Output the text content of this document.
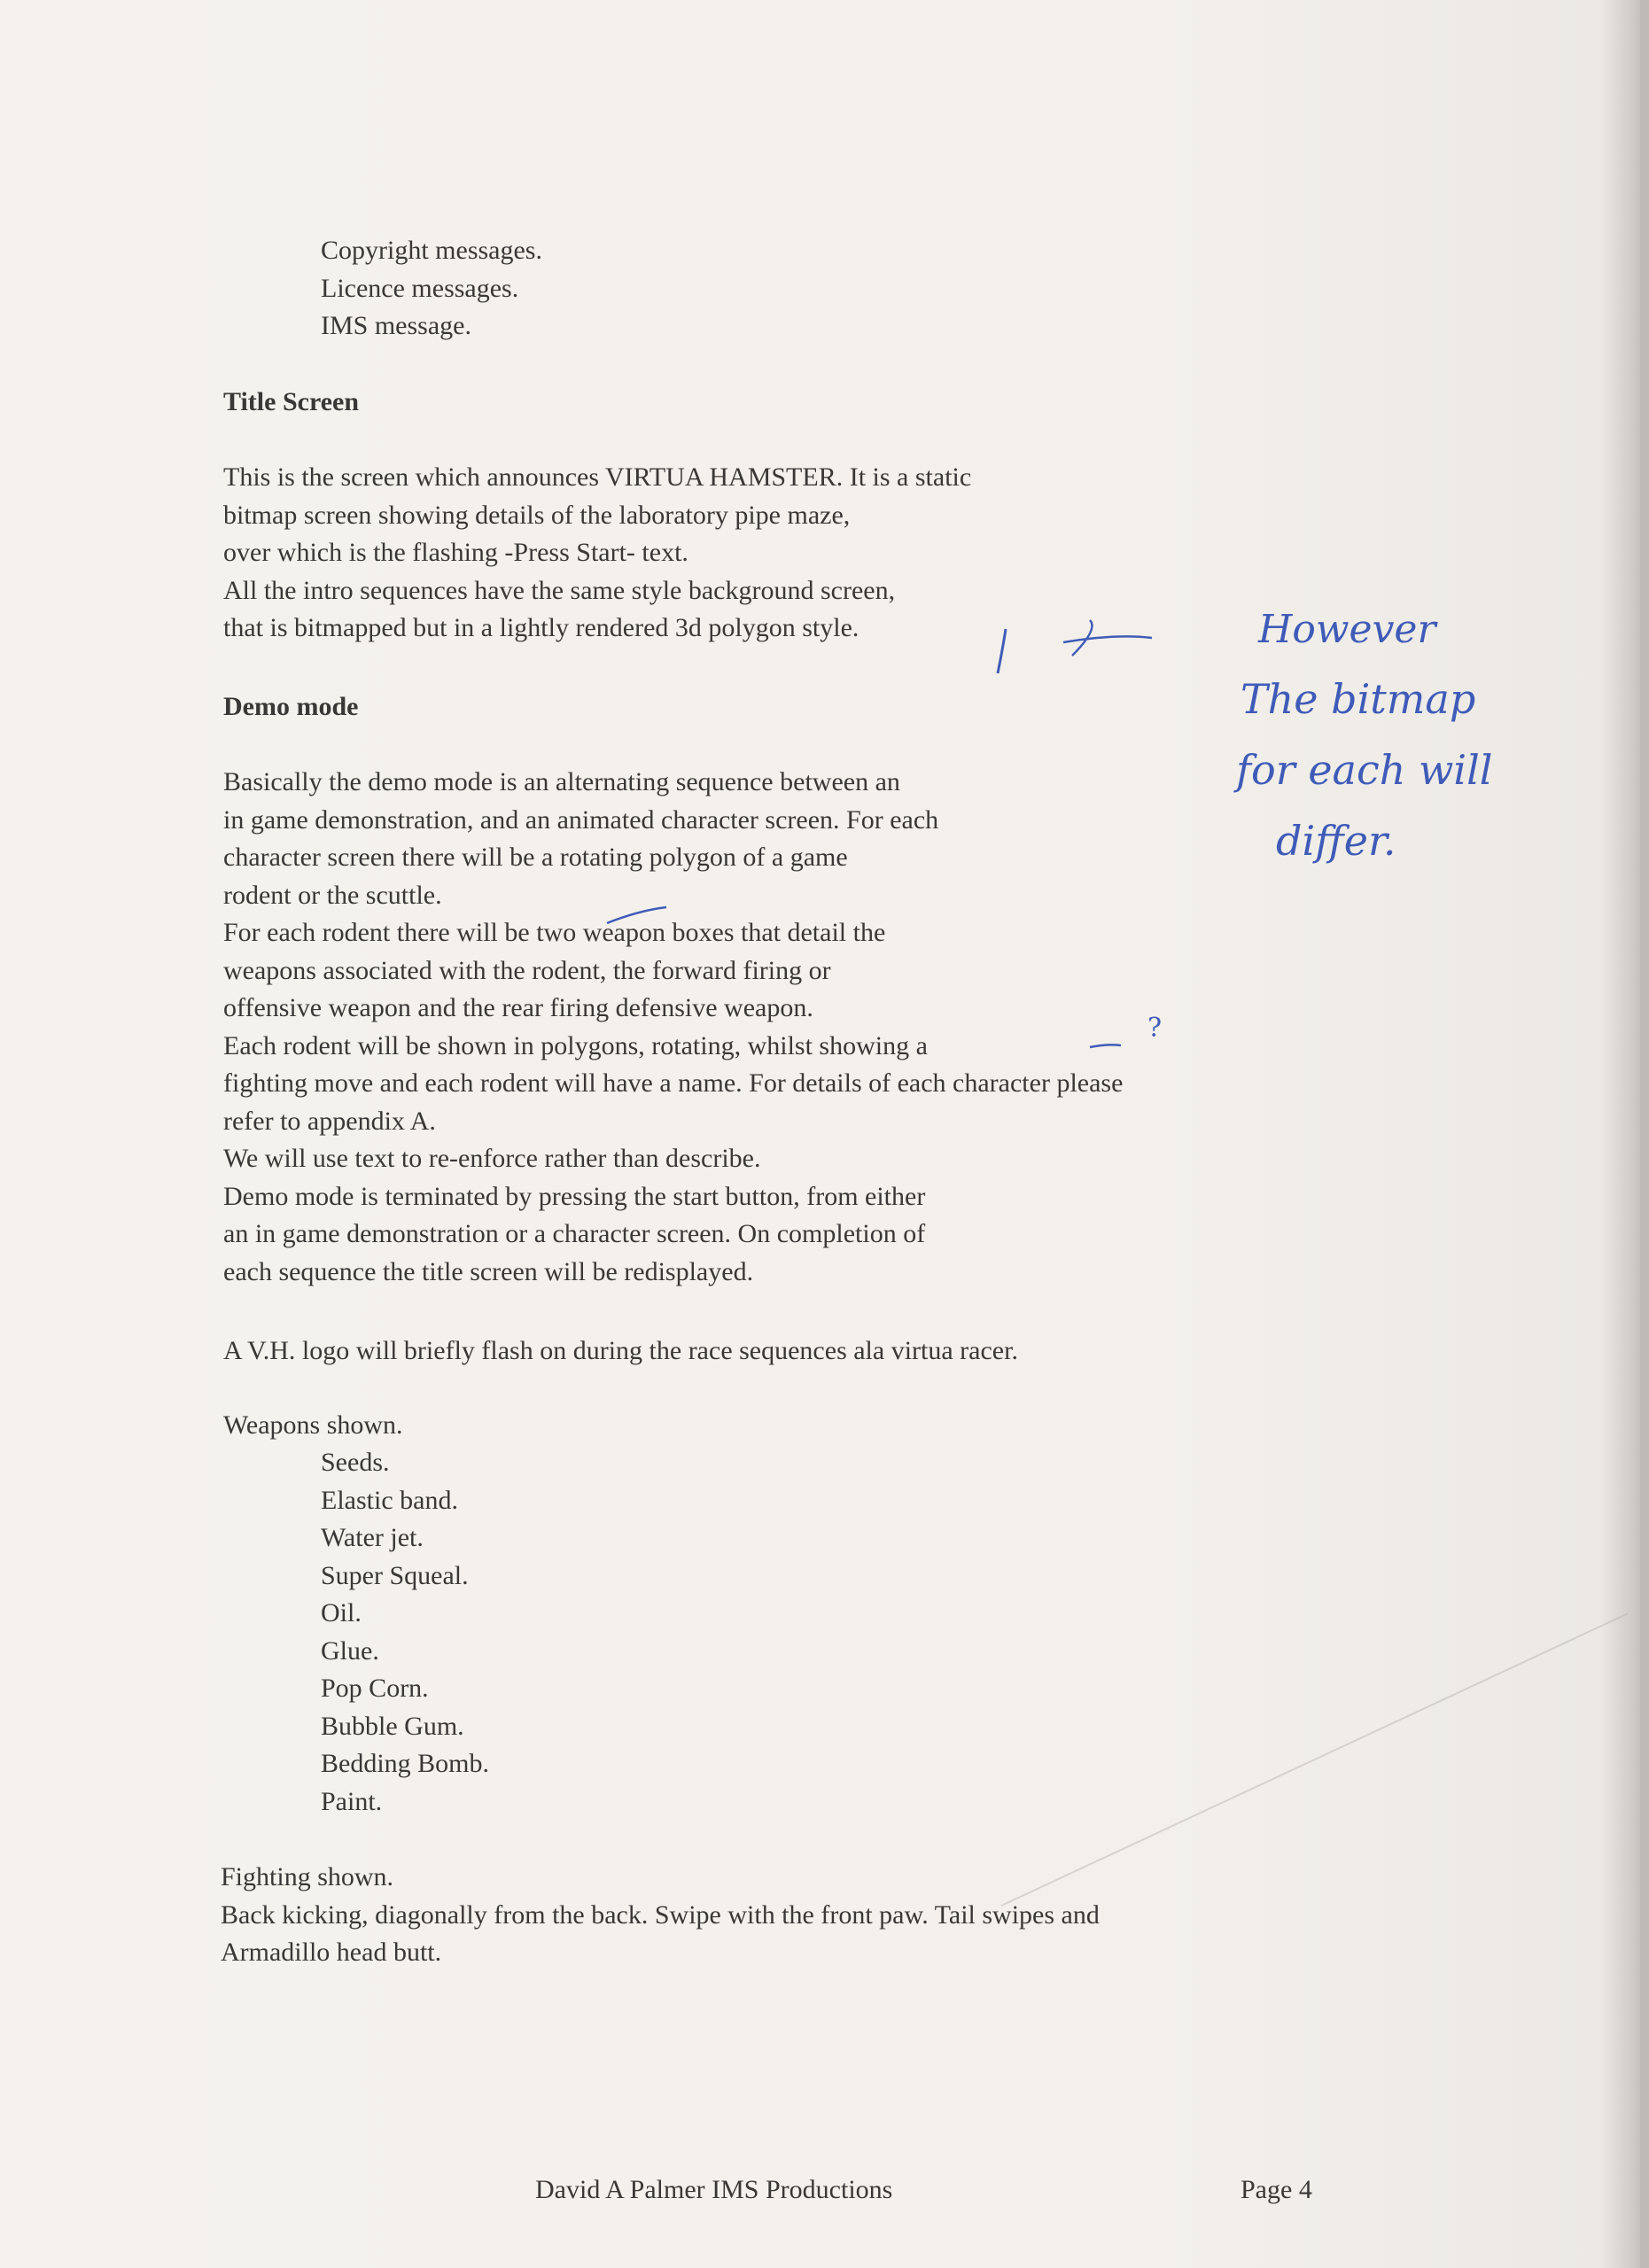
Copyright messages.

Licence messages.

IMS message.

Title Screen

This is the screen which announces VIRTUA HAMSTER. It is a static

bitmap screen showing details of the laboratory pipe maze,

over which is the flashing -Press Start- text.

All the intro sequences have the same style background screen,

that is bitmapped but in a lightly rendered 3d polygon style.

Demo mode

Basically the demo mode is an alternating sequence between an

in game demonstration, and an animated character screen. For each

character screen there will be a rotating polygon of a game

rodent or the scuttle.

For each rodent there will be two weapon boxes that detail the

weapons associated with the rodent, the forward firing or

offensive weapon and the rear firing defensive weapon.

Each rodent will be shown in polygons, rotating, whilst showing a

fighting move and each rodent will have a name. For details of each character please

refer to appendix A.

We will use text to re-enforce rather than describe.

Demo mode is terminated by pressing the start button, from either

an in game demonstration or a character screen. On completion of

each sequence the title screen will be redisplayed.

A V.H. logo will briefly flash on during the race sequences ala virtua racer.
Weapons shown.

Seeds.

Elastic band.

Water jet.

Super Squeal.

Oil.

Glue.

Pop Corn.

Bubble Gum.

Bedding Bomb.

Paint.

Fighting shown.

Back kicking, diagonally from the back. Swipe with the front paw. Tail swipes and

Armadillo head butt.

David A Palmer IMS Productions	Page 4
However
The bitmap
for each will
differ.
?
